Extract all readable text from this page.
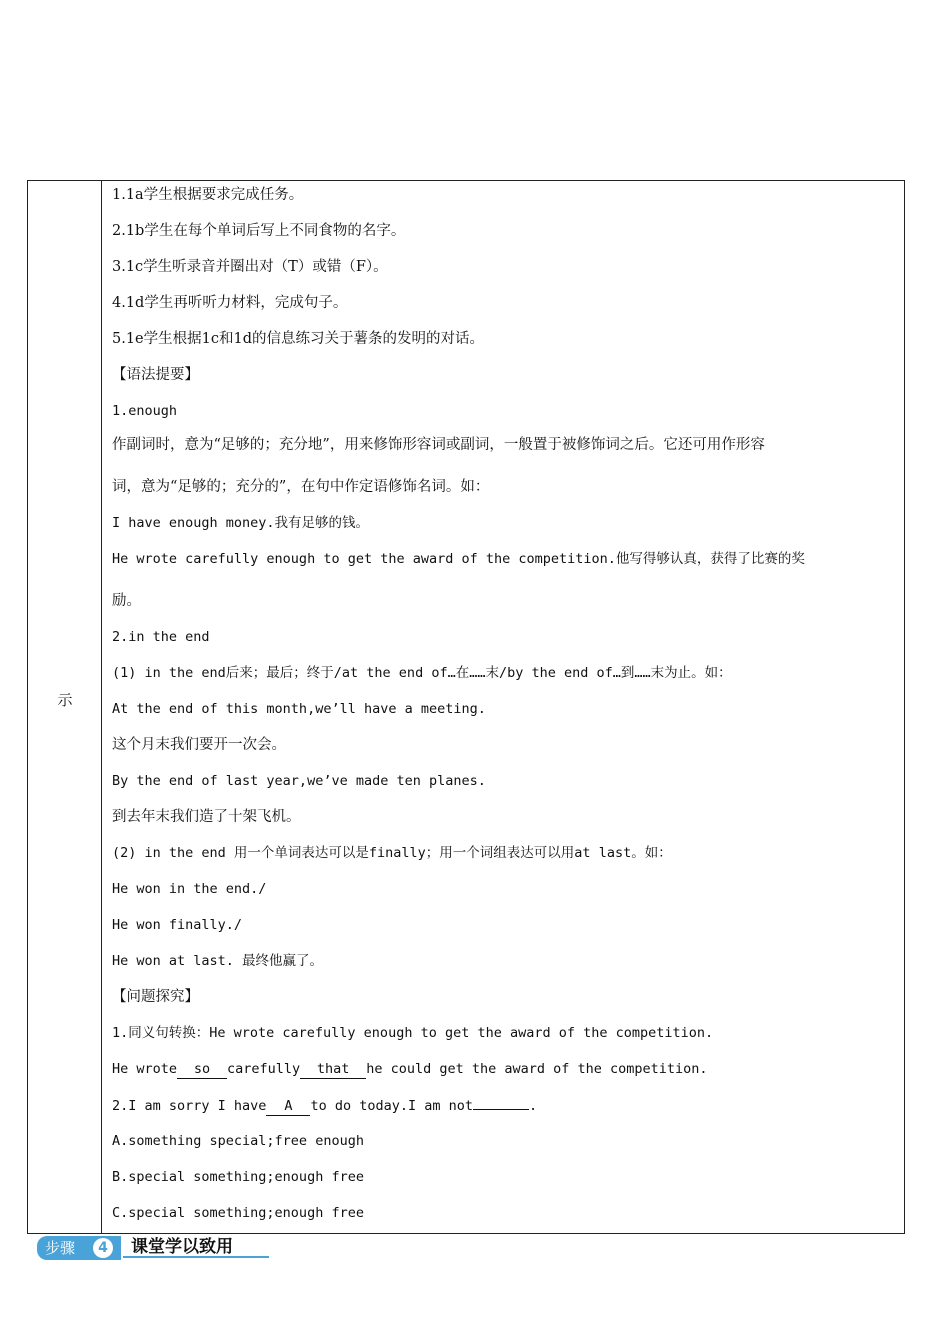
示
1.1a学生根据要求完成任务。
2.1b学生在每个单词后写上不同食物的名字。
3.1c学生听录音并圈出对（T）或错（F）。
4.1d学生再听听力材料，完成句子。
5.1e学生根据1c和1d的信息练习关于薯条的发明的对话。
【语法提要】
1.enough
作副词时，意为“足够的；充分地”，用来修饰形容词或副词，一般置于被修饰词之后。它还可用作形容
词，意为“足够的；充分的”，在句中作定语修饰名词。如：
I have enough money.我有足够的钱。
He wrote carefully enough to get the award of the competition.他写得够认真，获得了比赛的奖
励。
2.in the end
(1) in the end后来；最后；终于/at the end of…在……末/by the end of…到……末为止。如：
At the end of this month,we’ll have a meeting.
这个月末我们要开一次会。
By the end of last year,we’ve made ten planes.
到去年末我们造了十架飞机。
(2) in the end 用一个单词表达可以是finally；用一个词组表达可以用at last。如：
He won in the end./
He won finally./
He won at last. 最终他赢了。
【问题探究】
1.同义句转换：He wrote carefully enough to get the award of the competition.
He wrote so carefully that he could get the award of the competition.
2.I am sorry I have A to do today.I am not	.
A.something special;free enough
B.special something;enough free
C.special something;enough free
步骤	4	课堂学以致用
